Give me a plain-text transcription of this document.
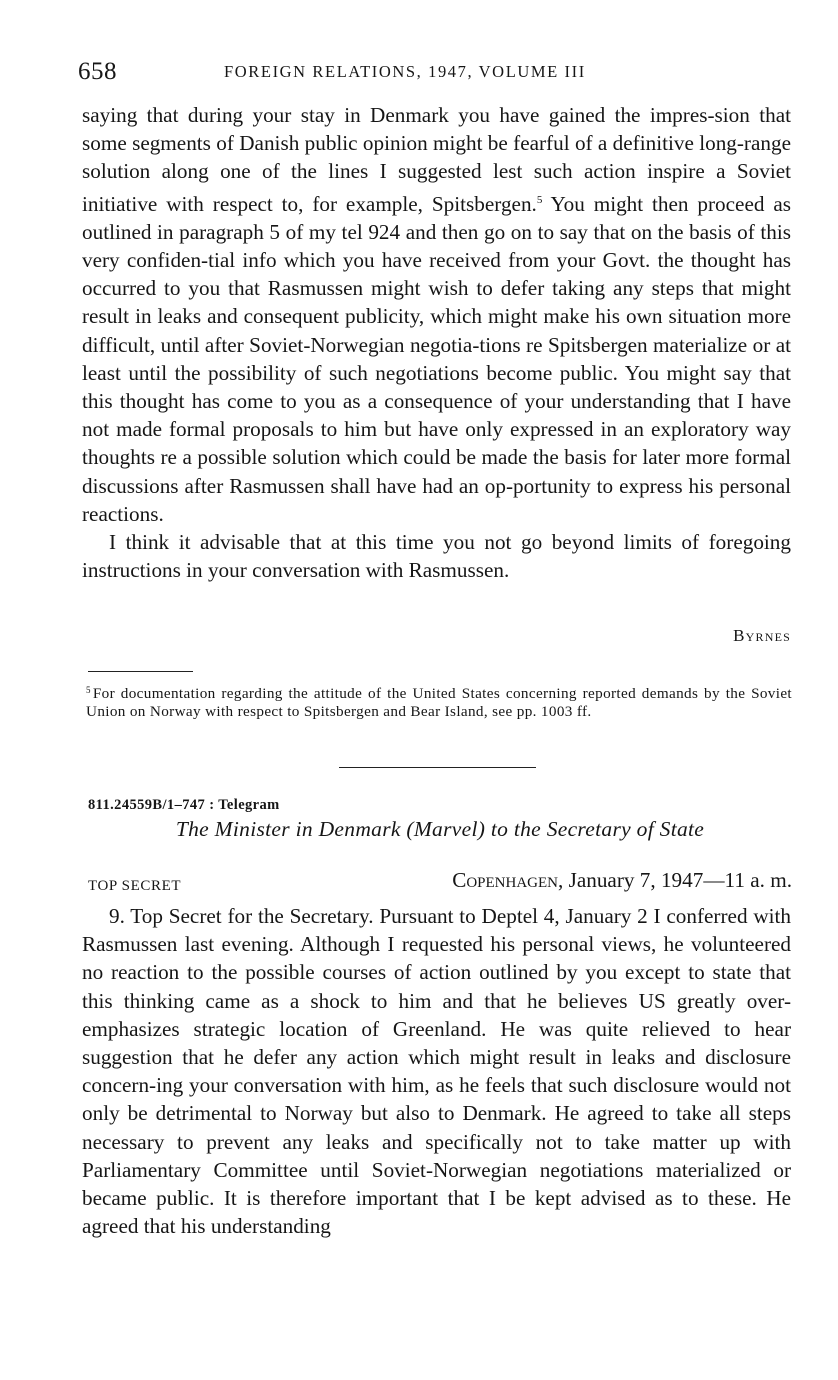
658	FOREIGN RELATIONS, 1947, VOLUME III

saying that during your stay in Denmark you have gained the impres-sion that some segments of Danish public opinion might be fearful of a definitive long-range solution along one of the lines I suggested lest such action inspire a Soviet initiative with respect to, for example, Spitsbergen.$^5$ You might then proceed as outlined in paragraph 5 of my tel 924 and then go on to say that on the basis of this very confiden-tial info which you have received from your Govt. the thought has occurred to you that Rasmussen might wish to defer taking any steps that might result in leaks and consequent publicity, which might make his own situation more difficult, until after Soviet-Norwegian negotia-tions re Spitsbergen materialize or at least until the possibility of such negotiations become public. You might say that this thought has come to you as a consequence of your understanding that I have not made formal proposals to him but have only expressed in an exploratory way thoughts re a possible solution which could be made the basis for later more formal discussions after Rasmussen shall have had an op-portunity to express his personal reactions.

I think it advisable that at this time you not go beyond limits of foregoing instructions in your conversation with Rasmussen.

Byrnes
$^5$ For documentation regarding the attitude of the United States concerning reported demands by the Soviet Union on Norway with respect to Spitsbergen and Bear Island, see pp. 1003 ff.
811.24559B/1–747 : Telegram
The Minister in Denmark (Marvel) to the Secretary of State
TOP SECRET	Copenhagen, January 7, 1947—11 a. m.

9. Top Secret for the Secretary. Pursuant to Deptel 4, January 2 I conferred with Rasmussen last evening. Although I requested his personal views, he volunteered no reaction to the possible courses of action outlined by you except to state that this thinking came as a shock to him and that he believes US greatly over-emphasizes strategic location of Greenland. He was quite relieved to hear suggestion that he defer any action which might result in leaks and disclosure concern-ing your conversation with him, as he feels that such disclosure would not only be detrimental to Norway but also to Denmark. He agreed to take all steps necessary to prevent any leaks and specifically not to take matter up with Parliamentary Committee until Soviet-Norwegian negotiations materialized or became public. It is therefore important that I be kept advised as to these. He agreed that his understanding
